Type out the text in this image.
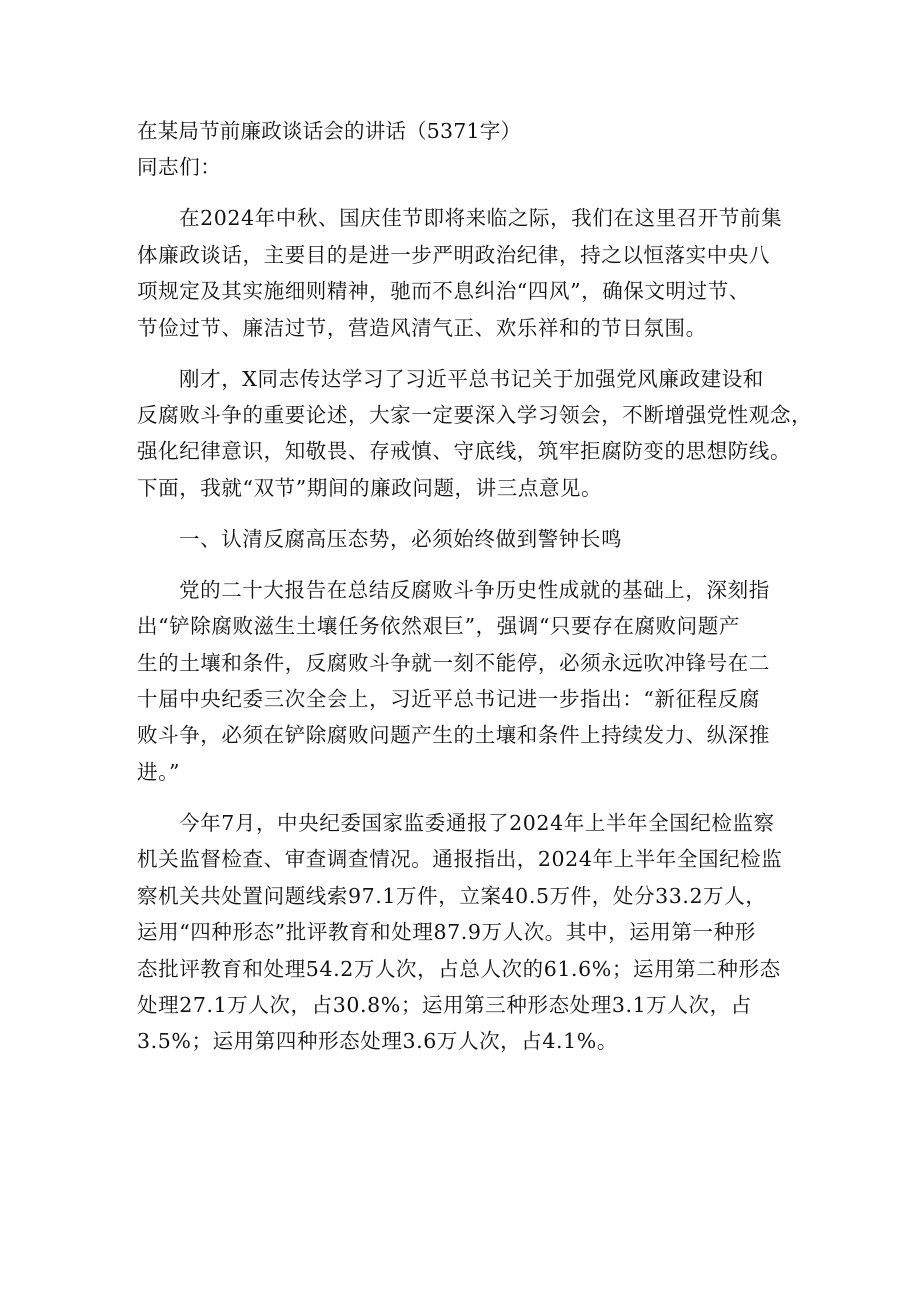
在某局节前廉政谈话会的讲话（5371字）
同志们：
在2024年中秋、国庆佳节即将来临之际，我们在这里召开节前集
体廉政谈话，主要目的是进一步严明政治纪律，持之以恒落实中央八
项规定及其实施细则精神，驰而不息纠治“四风”，确保文明过节、
节俭过节、廉洁过节，营造风清气正、欢乐祥和的节日氛围。
刚才，X同志传达学习了习近平总书记关于加强党风廉政建设和
反腐败斗争的重要论述，大家一定要深入学习领会，不断增强党性观念，
强化纪律意识，知敬畏、存戒慎、守底线，筑牢拒腐防变的思想防线。
下面，我就“双节”期间的廉政问题，讲三点意见。
一、认清反腐高压态势，必须始终做到警钟长鸣
党的二十大报告在总结反腐败斗争历史性成就的基础上，深刻指
出“铲除腐败滋生土壤任务依然艰巨”，强调“只要存在腐败问题产
生的土壤和条件，反腐败斗争就一刻不能停，必须永远吹冲锋号在二
十届中央纪委三次全会上，习近平总书记进一步指出：“新征程反腐
败斗争，必须在铲除腐败问题产生的土壤和条件上持续发力、纵深推
进。”
今年7月，中央纪委国家监委通报了2024年上半年全国纪检监察
机关监督检查、审查调查情况。通报指出，2024年上半年全国纪检监
察机关共处置问题线索97.1万件，立案40.5万件，处分33.2万人，
运用“四种形态”批评教育和处理87.9万人次。其中，运用第一种形
态批评教育和处理54.2万人次，占总人次的61.6%；运用第二种形态
处理27.1万人次，占30.8%；运用第三种形态处理3.1万人次，占
3.5%；运用第四种形态处理3.6万人次，占4.1%。
